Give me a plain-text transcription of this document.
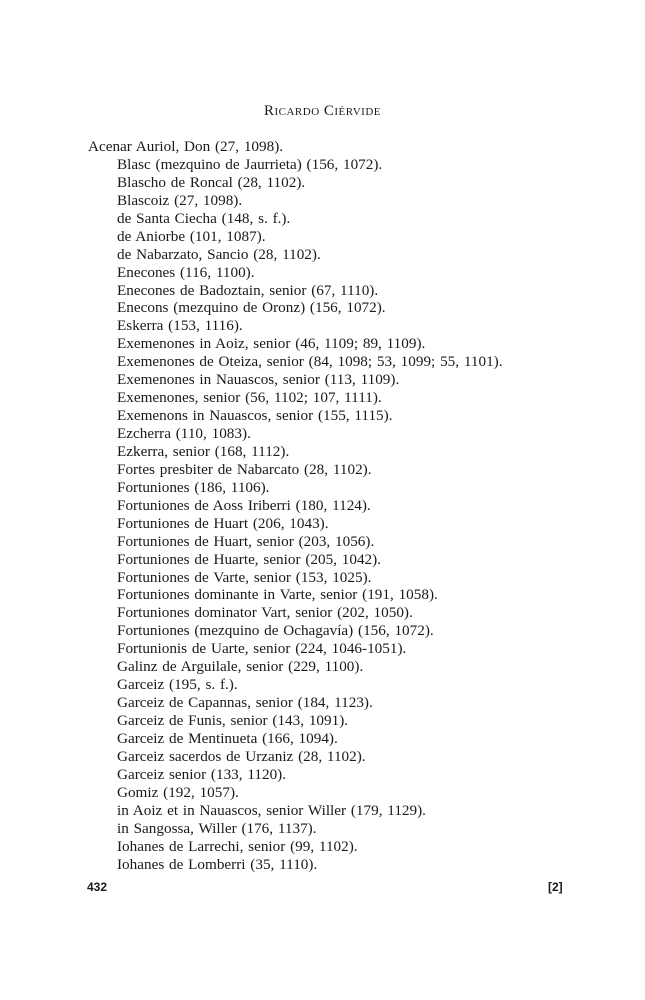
Ricardo Ciérvide
Acenar Auriol, Don (27, 1098).
Blasc (mezquino de Jaurrieta) (156, 1072).
Blascho de Roncal (28, 1102).
Blascoiz (27, 1098).
de Santa Ciecha (148, s. f.).
de Aniorbe (101, 1087).
de Nabarzato, Sancio (28, 1102).
Enecones (116, 1100).
Enecones de Badoztain, senior (67, 1110).
Enecons (mezquino de Oronz) (156, 1072).
Eskerra (153, 1116).
Exemenones in Aoiz, senior (46, 1109; 89, 1109).
Exemenones de Oteiza, senior (84, 1098; 53, 1099; 55, 1101).
Exemenones in Nauascos, senior (113, 1109).
Exemenones, senior (56, 1102; 107, 1111).
Exemenons in Nauascos, senior (155, 1115).
Ezcherra (110, 1083).
Ezkerra, senior (168, 1112).
Fortes presbiter de Nabarcato (28, 1102).
Fortuniones (186, 1106).
Fortuniones de Aoss Iriberri (180, 1124).
Fortuniones de Huart (206, 1043).
Fortuniones de Huart, senior (203, 1056).
Fortuniones de Huarte, senior (205, 1042).
Fortuniones de Varte, senior (153, 1025).
Fortuniones dominante in Varte, senior (191, 1058).
Fortuniones dominator Vart, senior (202, 1050).
Fortuniones (mezquino de Ochagavía) (156, 1072).
Fortunionis de Uarte, senior (224, 1046-1051).
Galinz de Arguilale, senior (229, 1100).
Garceiz (195, s. f.).
Garceiz de Capannas, senior (184, 1123).
Garceiz de Funis, senior (143, 1091).
Garceiz de Mentinueta (166, 1094).
Garceiz sacerdos de Urzaniz (28, 1102).
Garceiz senior (133, 1120).
Gomiz (192, 1057).
in Aoiz et in Nauascos, senior Willer (179, 1129).
in Sangossa, Willer (176, 1137).
Iohanes de Larrechi, senior (99, 1102).
Iohanes de Lomberri (35, 1110).
432	[2]
